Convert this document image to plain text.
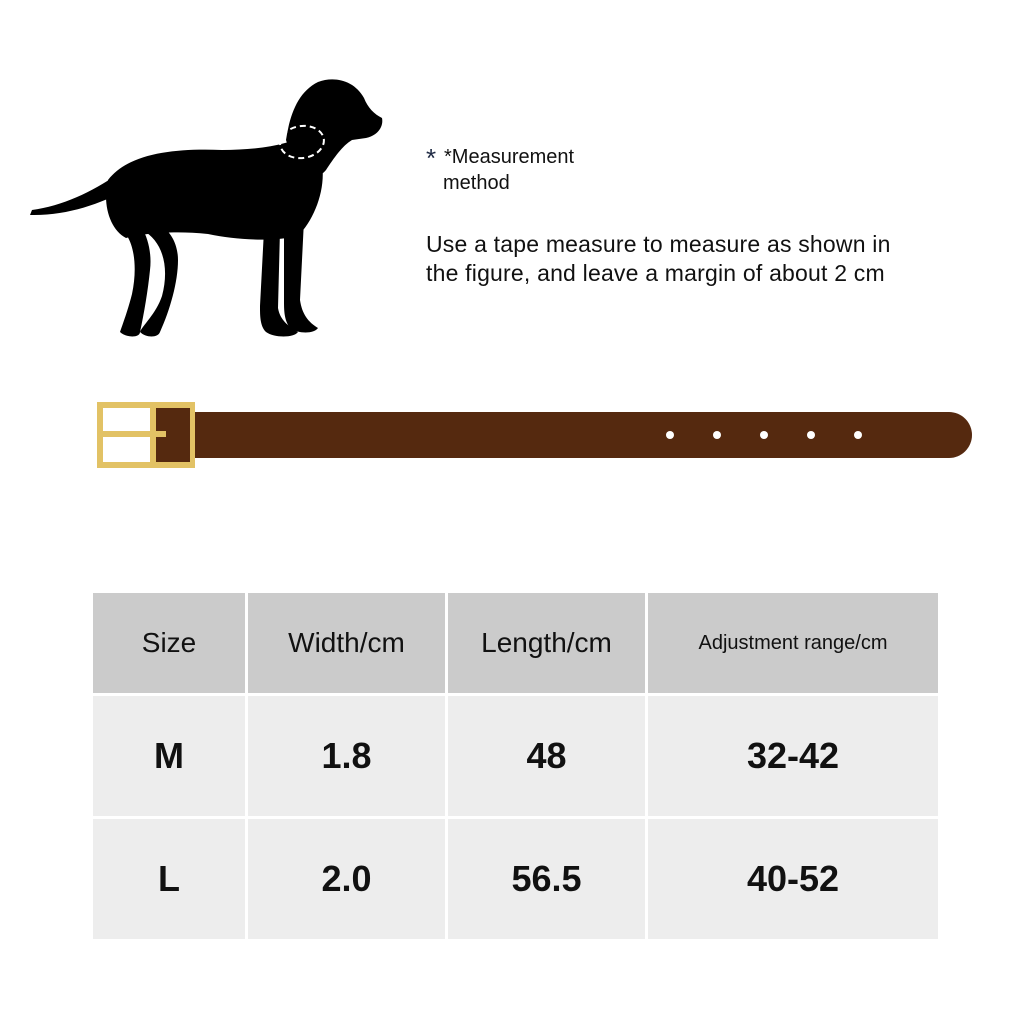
* *Measurement
method
Use a tape measure to measure as shown in
the figure, and leave a margin of about 2 cm
Size	Width/cm	Length/cm	Adjustment range/cm
M	1.8	48	32-42
L	2.0	56.5	40-52
